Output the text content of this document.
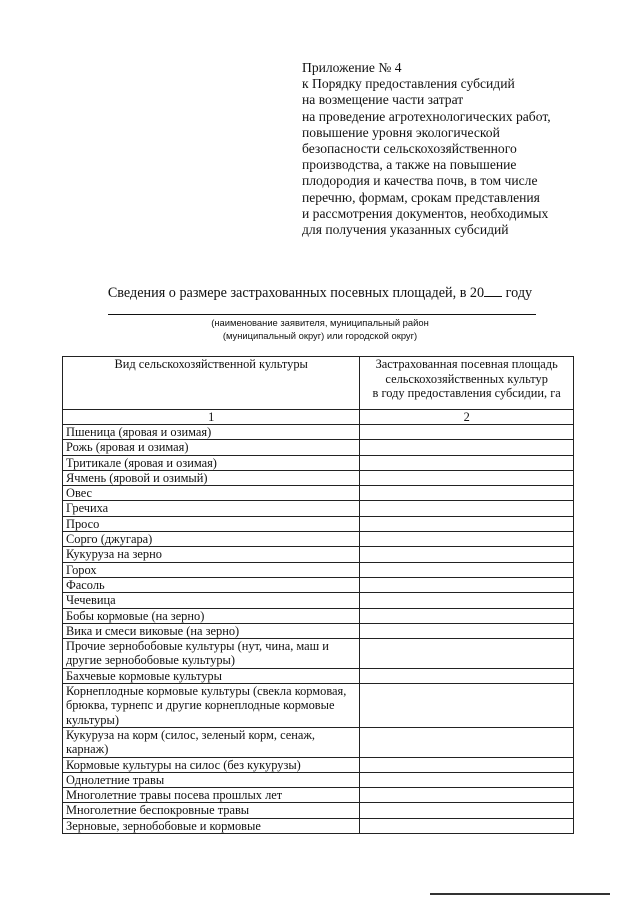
Приложение № 4
к Порядку предоставления субсидий
на возмещение части затрат
на проведение агротехнологических работ,
повышение уровня экологической
безопасности сельскохозяйственного
производства, а также на повышение
плодородия и качества почв, в том числе
перечню, формам, срокам представления
и рассмотрения документов, необходимых
для получения указанных субсидий
Сведения о размере застрахованных посевных площадей, в 20 году
(наименование заявителя, муниципальный район
(муниципальный округ) или городской округ)
Вид сельскохозяйственной культуры	Застрахованная посевная площадь
сельскохозяйственных культур
в году предоставления субсидии, га

1	2
Пшеница (яровая и озимая)	
Рожь (яровая и озимая)	
Тритикале (яровая и озимая)	
Ячмень (яровой и озимый)	
Овес	
Гречиха	
Просо	
Сорго (джугара)	
Кукуруза на зерно	
Горох	
Фасоль	
Чечевица	
Бобы кормовые (на зерно)	
Вика и смеси виковые (на зерно)	
Прочие зернобобовые культуры (нут, чина, маш и другие зернобобовые культуры)	
Бахчевые кормовые культуры	
Корнеплодные кормовые культуры (свекла кормовая, брюква, турнепс и другие корнеплодные кормовые культуры)	
Кукуруза на корм (силос, зеленый корм, сенаж, карнаж)	
Кормовые культуры на силос (без кукурузы)	
Однолетние травы	
Многолетние травы посева прошлых лет	
Многолетние беспокровные травы	
Зерновые, зернобобовые и кормовые	
